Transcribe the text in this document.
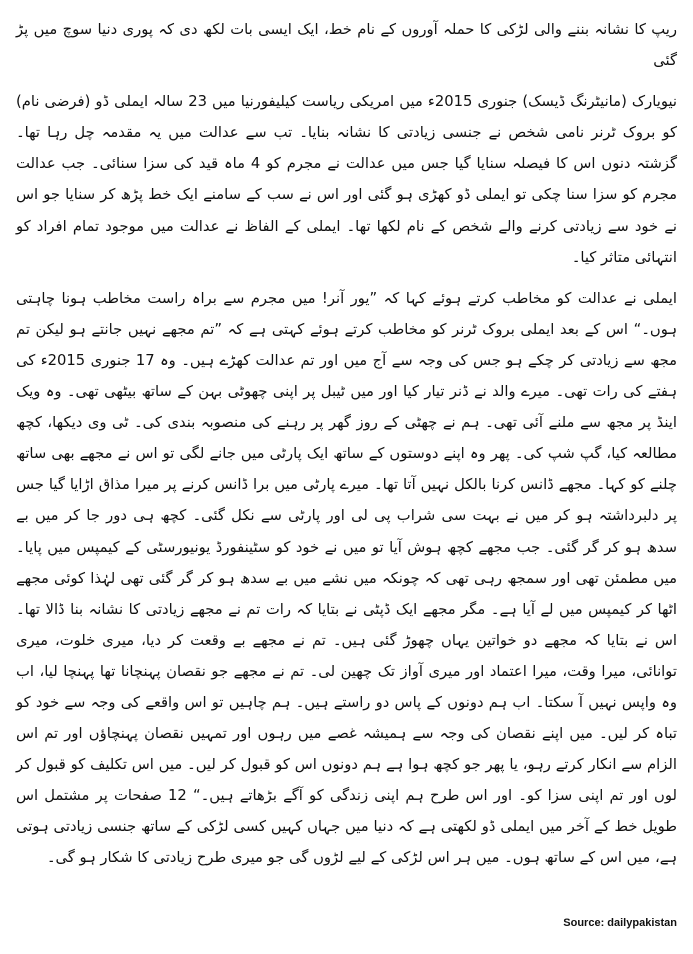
ریپ کا نشانہ بننے والی لڑکی کا حملہ آوروں کے نام خط، ایک ایسی بات لکھ دی کہ پوری دنیا سوچ میں پڑ گئی

نیویارک (مانیٹرنگ ڈیسک) جنوری 2015ء میں امریکی ریاست کیلیفورنیا میں 23 سالہ ایملی ڈو (فرضی نام) کو بروک ٹرنر نامی شخص نے جنسی زیادتی کا نشانہ بنایا۔ تب سے عدالت میں یہ مقدمہ چل رہا تھا۔ گزشتہ دنوں اس کا فیصلہ سنایا گیا جس میں عدالت نے مجرم کو 4 ماہ قید کی سزا سنائی۔ جب عدالت مجرم کو سزا سنا چکی تو ایملی ڈو کھڑی ہو گئی اور اس نے سب کے سامنے ایک خط پڑھ کر سنایا جو اس نے خود سے زیادتی کرنے والے شخص کے نام لکھا تھا۔ ایملی کے الفاظ نے عدالت میں موجود تمام افراد کو انتہائی متاثر کیا۔

ایملی نے عدالت کو مخاطب کرتے ہوئے کہا کہ ”یور آنر! میں مجرم سے براہ راست مخاطب ہونا چاہتی ہوں۔“ اس کے بعد ایملی بروک ٹرنر کو مخاطب کرتے ہوئے کہتی ہے کہ ”تم مجھے نہیں جانتے ہو لیکن تم مجھ سے زیادتی کر چکے ہو جس کی وجہ سے آج میں اور تم عدالت کھڑے ہیں۔ وہ 17 جنوری 2015ء کی ہفتے کی رات تھی۔ میرے والد نے ڈنر تیار کیا اور میں ٹیبل پر اپنی چھوٹی بہن کے ساتھ بیٹھی تھی۔ وہ ویک اینڈ پر مجھ سے ملنے آئی تھی۔ ہم نے چھٹی کے روز گھر پر رہنے کی منصوبہ بندی کی۔ ٹی وی دیکھا، کچھ مطالعہ کیا، گپ شپ کی۔ پھر وہ اپنے دوستوں کے ساتھ ایک پارٹی میں جانے لگی تو اس نے مجھے بھی ساتھ چلنے کو کہا۔ مجھے ڈانس کرنا بالکل نہیں آتا تھا۔ میرے پارٹی میں برا ڈانس کرنے پر میرا مذاق اڑایا گیا جس پر دلبرداشتہ ہو کر میں نے بہت سی شراب پی لی اور پارٹی سے نکل گئی۔ کچھ ہی دور جا کر میں بے سدھ ہو کر گر گئی۔ جب مجھے کچھ ہوش آیا تو میں نے خود کو سٹینفورڈ یونیورسٹی کے کیمپس میں پایا۔ میں مطمئن تھی اور سمجھ رہی تھی کہ چونکہ میں نشے میں بے سدھ ہو کر گر گئی تھی لہٰذا کوئی مجھے اٹھا کر کیمپس میں لے آیا ہے۔ مگر مجھے ایک ڈپٹی نے بتایا کہ رات تم نے مجھے زیادتی کا نشانہ بنا ڈالا تھا۔ اس نے بتایا کہ مجھے دو خواتین یہاں چھوڑ گئی ہیں۔ تم نے مجھے بے وقعت کر دیا، میری خلوت، میری توانائی، میرا وقت، میرا اعتماد اور میری آواز تک چھین لی۔ تم نے مجھے جو نقصان پہنچانا تھا پہنچا لیا، اب وہ واپس نہیں آ سکتا۔ اب ہم دونوں کے پاس دو راستے ہیں۔ ہم چاہیں تو اس واقعے کی وجہ سے خود کو تباہ کر لیں۔ میں اپنے نقصان کی وجہ سے ہمیشہ غصے میں رہوں اور تمہیں نقصان پہنچاؤں اور تم اس الزام سے انکار کرتے رہو، یا پھر جو کچھ ہوا ہے ہم دونوں اس کو قبول کر لیں۔ میں اس تکلیف کو قبول کر لوں اور تم اپنی سزا کو۔ اور اس طرح ہم اپنی زندگی کو آگے بڑھاتے ہیں۔“ 12 صفحات پر مشتمل اس طویل خط کے آخر میں ایملی ڈو لکھتی ہے کہ دنیا میں جہاں کہیں کسی لڑکی کے ساتھ جنسی زیادتی ہوتی ہے، میں اس کے ساتھ ہوں۔ میں ہر اس لڑکی کے لیے لڑوں گی جو میری طرح زیادتی کا شکار ہو گی۔

Source: dailypakistan
